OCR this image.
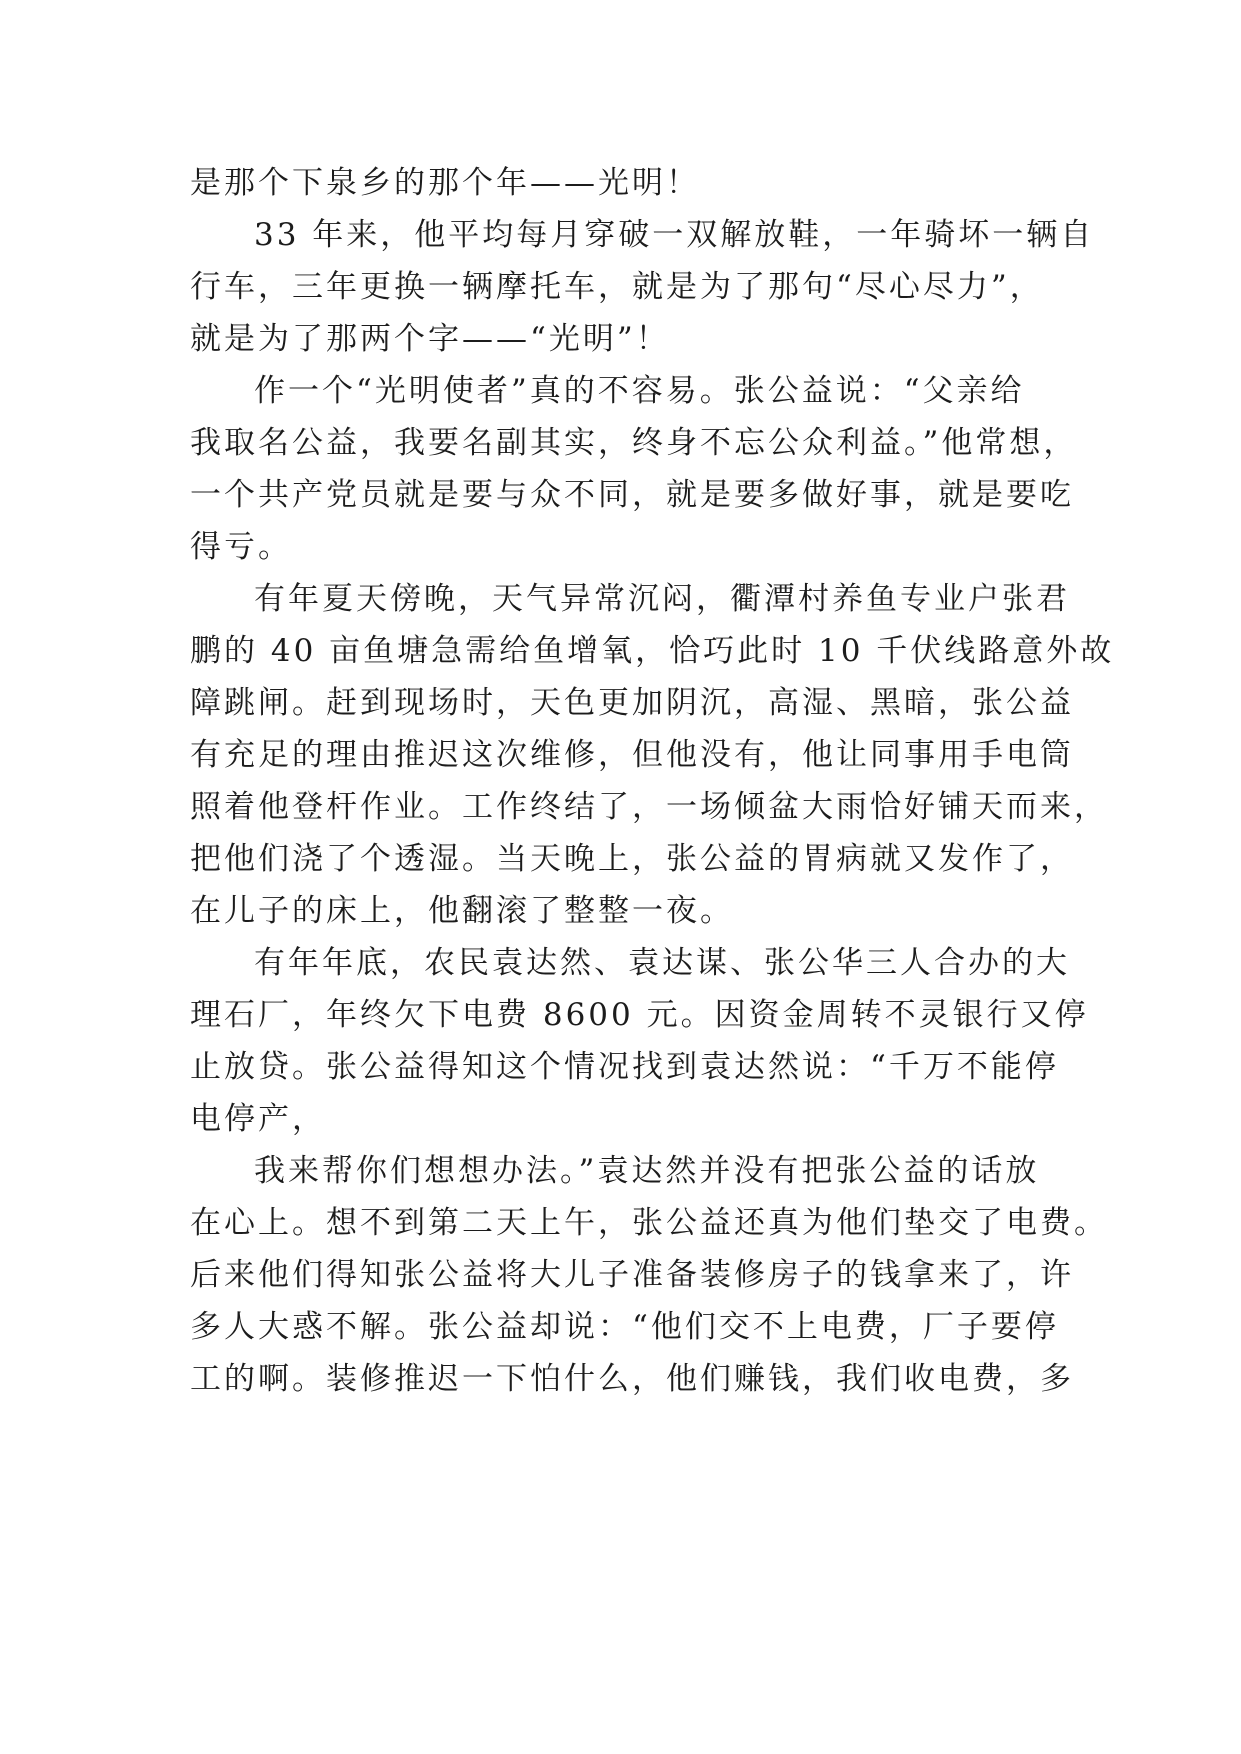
是那个下泉乡的那个年——光明！
33 年来，他平均每月穿破一双解放鞋，一年骑坏一辆自
行车，三年更换一辆摩托车，就是为了那句“尽心尽力”，
就是为了那两个字——“光明”！
作一个“光明使者”真的不容易。张公益说：“父亲给
我取名公益，我要名副其实，终身不忘公众利益。”他常想，
一个共产党员就是要与众不同，就是要多做好事，就是要吃
得亏。
有年夏天傍晚，天气异常沉闷，衢潭村养鱼专业户张君
鹏的 40 亩鱼塘急需给鱼增氧，恰巧此时 10 千伏线路意外故
障跳闸。赶到现场时，天色更加阴沉，高湿、黑暗，张公益
有充足的理由推迟这次维修，但他没有，他让同事用手电筒
照着他登杆作业。工作终结了，一场倾盆大雨恰好铺天而来，
把他们浇了个透湿。当天晚上，张公益的胃病就又发作了，
在儿子的床上，他翻滚了整整一夜。
有年年底，农民袁达然、袁达谋、张公华三人合办的大
理石厂，年终欠下电费 8600 元。因资金周转不灵银行又停
止放贷。张公益得知这个情况找到袁达然说：“千万不能停
电停产，
我来帮你们想想办法。”袁达然并没有把张公益的话放
在心上。想不到第二天上午，张公益还真为他们垫交了电费。
后来他们得知张公益将大儿子准备装修房子的钱拿来了，许
多人大惑不解。张公益却说：“他们交不上电费，厂子要停
工的啊。装修推迟一下怕什么，他们赚钱，我们收电费，多
